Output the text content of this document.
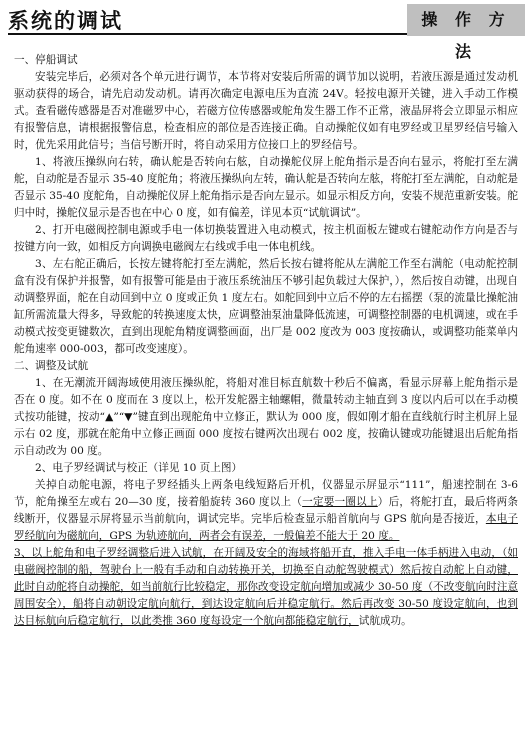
系统的调试	操 作 方 法

一、停船调试

安装完毕后，必须对各个单元进行调节，本节将对安装后所需的调节加以说明，若液压源是通过发动机驱动获得的场合，请先启动发动机。请再次确定电源电压为直流 24V。轻按电源开关键，进入手动工作模式。查看磁传感器是否对准磁罗中心，若磁方位传感器或舵角发生器工作不正常，液晶屏将会立即显示相应有报警信息，请根据报警信息，检查相应的部位是否连接正确。自动操舵仪如有电罗经或卫星罗经信号输入时，优先采用此信号；当信号断开时，将自动采用方位接口上的罗经信号。

1、将液压操纵向右转，确认舵是否转向右舷，自动操舵仪屏上舵角指示是否向右显示，将舵打至左满舵，自动舵是否显示 35-40 度舵角；将液压操纵向左转，确认舵是否转向左舷，将舵打至左满舵，自动舵是否显示 35-40 度舵角，自动操舵仪屏上舵角指示是否向左显示。如显示相反方向，安装不规范重新安装。舵归中时，操舵仪显示是否也在中心 0 度，如有偏差，详见本页“试航调试”。

2、打开电磁阀控制电源或手电一体切换装置进入电动模式，按主机面板左键或右键舵动作方向是否与按键方向一致，如相反方向调换电磁阀左右线或手电一体电机线。

3、左右舵正确后，长按左键将舵打至左满舵，然后长按右键将舵从左满舵工作至右满舵（电动舵控制盒有没有保护并报警，如有报警可能是由于液压系统油压不够引起负载过大保护，），然后按自动键，出现自动调整界面，舵在自动回到中立 0 度或正负 1 度左右。如舵回到中立后不停的左右摇摆（泵的流量比操舵油缸所需流量大得多，导致舵的转换速度太快，应调整油泵油量降低流速，可调整控制器的电机调速，或在手动模式按变更键数次，直到出现舵角精度调整画面，出厂是 002 度改为 003 度按确认，或调整功能菜单内舵角速率 000-003，都可改变速度）。

二、调整及试航

1、在无潮流开阔海域使用液压操纵舵，将船对准目标直航数十秒后不偏离，看显示屏幕上舵角指示是否在 0 度。如不在 0 度而在 3 度以上，松开发舵器主轴螺帽，微量转动主轴直到 3 度以内后可以在手动模式按功能键，按动“▲”“▼”键直到出现舵角中立修正，默认为 000 度，假如刚才船在直线航行时主机屏上显示右 02 度，那就在舵角中立修正画面 000 度按右键两次出现右 002 度，按确认键或功能键退出后舵角指示自动改为 00 度。

2、电子罗经调试与校正（详见 10 页上图）

关掉自动舵电源，将电子罗经插头上两条电线短路后开机，仪器显示屏显示“111”，船速控制在 3-6 节，舵角操至左或右 20—30 度，接着船旋转 360 度以上（一定要一圈以上）后，将舵打直，最后将两条线断开，仪器显示屏将显示当前航向，调试完毕。完毕后检查显示船首航向与 GPS 航向是否接近，本电子罗经航向为磁航向，GPS 为轨迹航向，两者会有误差，一般偏差不能大于 20 度。

3、以上舵角和电子罗经调整后进入试航，在开阔及安全的海域将船开直，推入手电一体手柄进入电动，（如电磁阀控制的船，驾驶台上一般有手动和自动转换开关，切换至自动舵驾驶模式）然后按自动舵上自动键，此时自动舵将自动操舵，如当前航行比较稳定，那你改变设定航向增加或减少 30-50 度（不改变航向时注意周围安全），船将自动朝设定航向航行，到达设定航向后并稳定航行。然后再改变 30-50 度设定航向，也到达目标航向后稳定航行，以此类推 360 度每设定一个航向都能稳定航行，试航成功。
